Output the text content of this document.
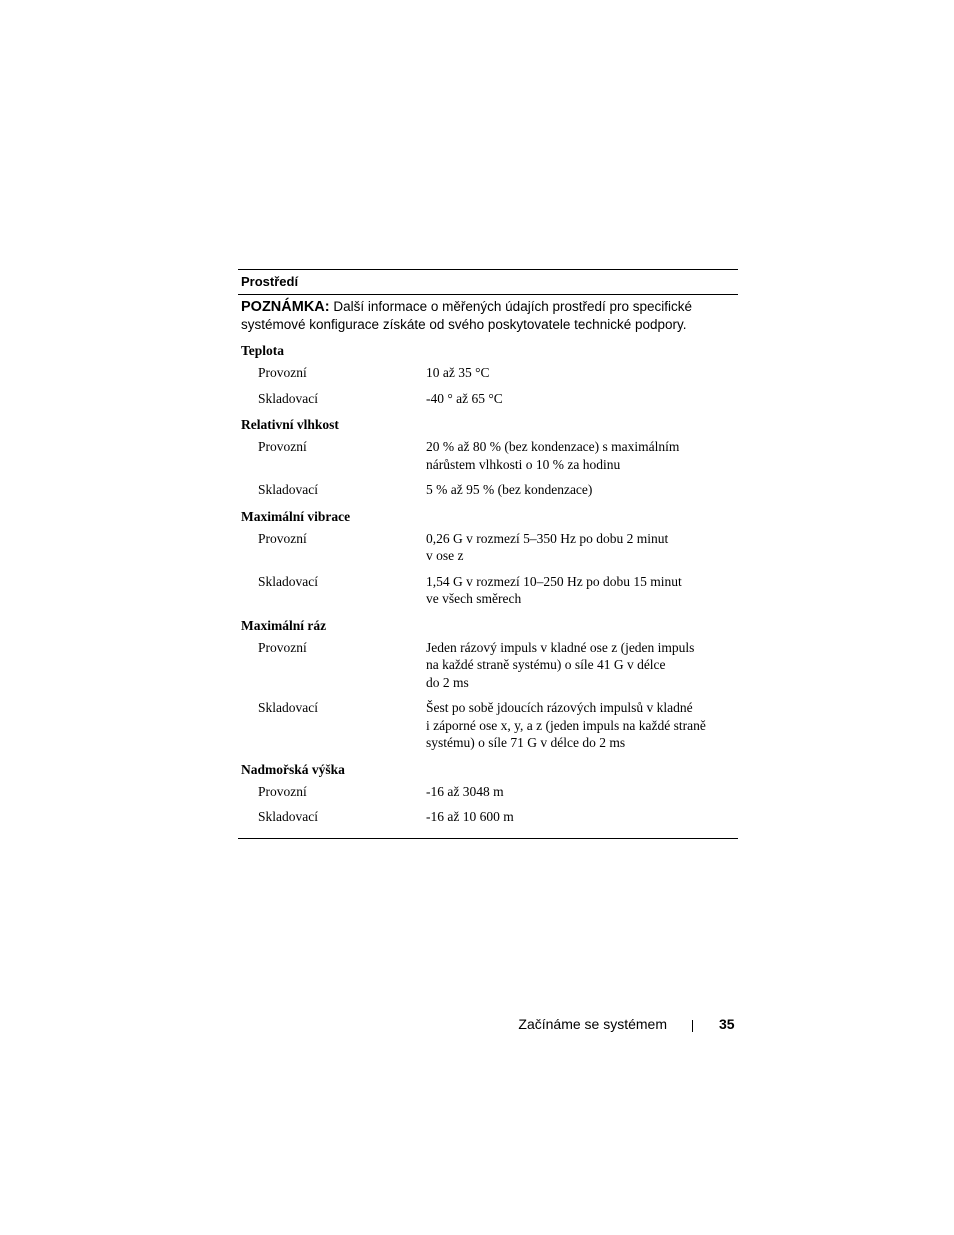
Prostředí
POZNÁMKA: Další informace o měřených údajích prostředí pro specifické systémové konfigurace získáte od svého poskytovatele technické podpory.
Teplota
Provozní	10 až 35 °C
Skladovací	-40 ° až 65 °C
Relativní vlhkost
Provozní	20 % až 80 % (bez kondenzace) s maximálním
nárůstem vlhkosti o 10 % za hodinu
Skladovací	5 % až 95 % (bez kondenzace)
Maximální vibrace
Provozní	0,26 G v rozmezí 5–350 Hz po dobu 2 minut
v ose z
Skladovací	1,54 G v rozmezí 10–250 Hz po dobu 15 minut
ve všech směrech
Maximální ráz
Provozní	Jeden rázový impuls v kladné ose z (jeden impuls
na každé straně systému) o síle 41 G v délce
do 2 ms
Skladovací	Šest po sobě jdoucích rázových impulsů v kladné
i záporné ose x, y, a z (jeden impuls na každé straně
systému) o síle 71 G v délce do 2 ms
Nadmořská výška
Provozní	-16 až 3048 m
Skladovací	-16 až 10 600 m
Začínáme se systémem	35
